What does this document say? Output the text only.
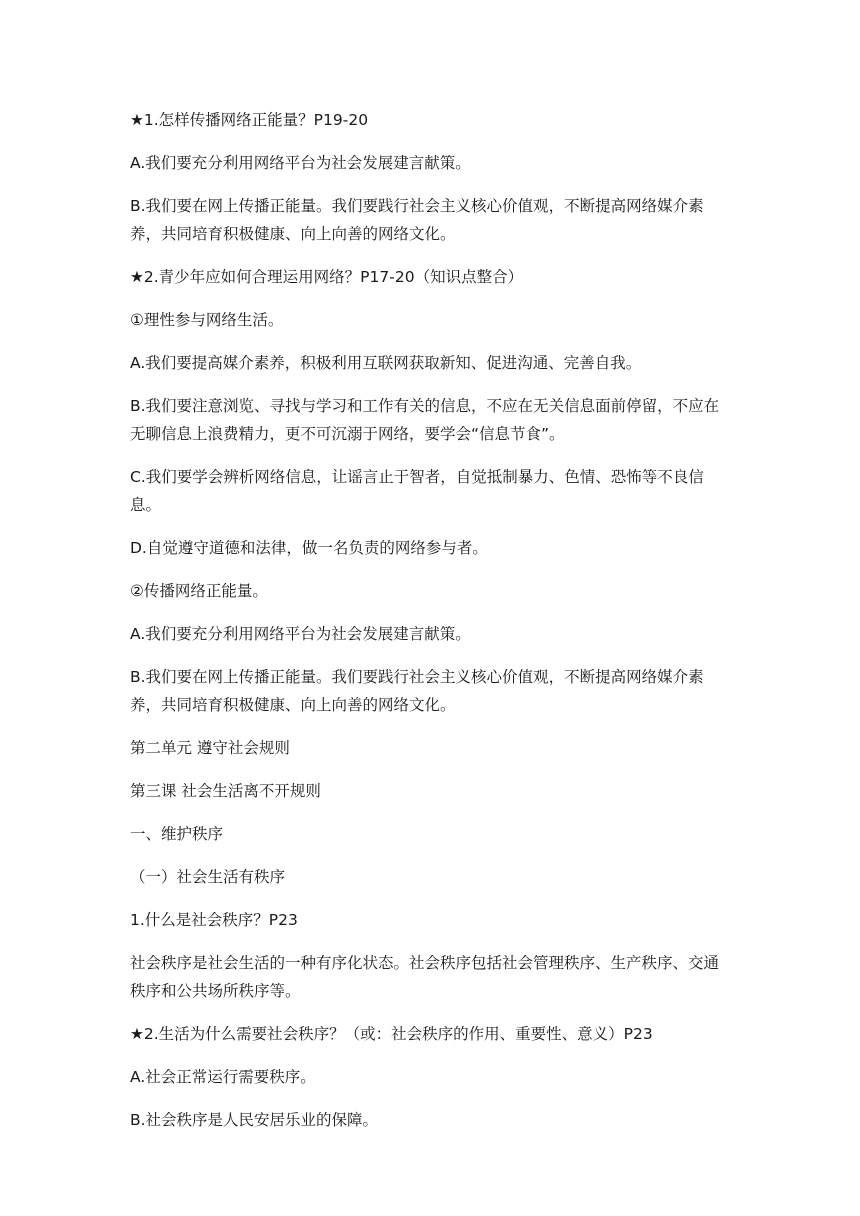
★1.怎样传播网络正能量？P19-20

A.我们要充分利用网络平台为社会发展建言献策。

B.我们要在网上传播正能量。我们要践行社会主义核心价值观，不断提高网络媒介素养，共同培育积极健康、向上向善的网络文化。

★2.青少年应如何合理运用网络？P17-20（知识点整合）

①理性参与网络生活。

A.我们要提高媒介素养，积极利用互联网获取新知、促进沟通、完善自我。

B.我们要注意浏览、寻找与学习和工作有关的信息，不应在无关信息面前停留，不应在无聊信息上浪费精力，更不可沉溺于网络，要学会“信息节食”。

C.我们要学会辨析网络信息，让谣言止于智者，自觉抵制暴力、色情、恐怖等不良信息。

D.自觉遵守道德和法律，做一名负责的网络参与者。

②传播网络正能量。

A.我们要充分利用网络平台为社会发展建言献策。

B.我们要在网上传播正能量。我们要践行社会主义核心价值观，不断提高网络媒介素养，共同培育积极健康、向上向善的网络文化。

第二单元 遵守社会规则

第三课 社会生活离不开规则

一、维护秩序

（一）社会生活有秩序

1.什么是社会秩序？P23

社会秩序是社会生活的一种有序化状态。社会秩序包括社会管理秩序、生产秩序、交通秩序和公共场所秩序等。

★2.生活为什么需要社会秩序？（或：社会秩序的作用、重要性、意义）P23

A.社会正常运行需要秩序。

B.社会秩序是人民安居乐业的保障。
